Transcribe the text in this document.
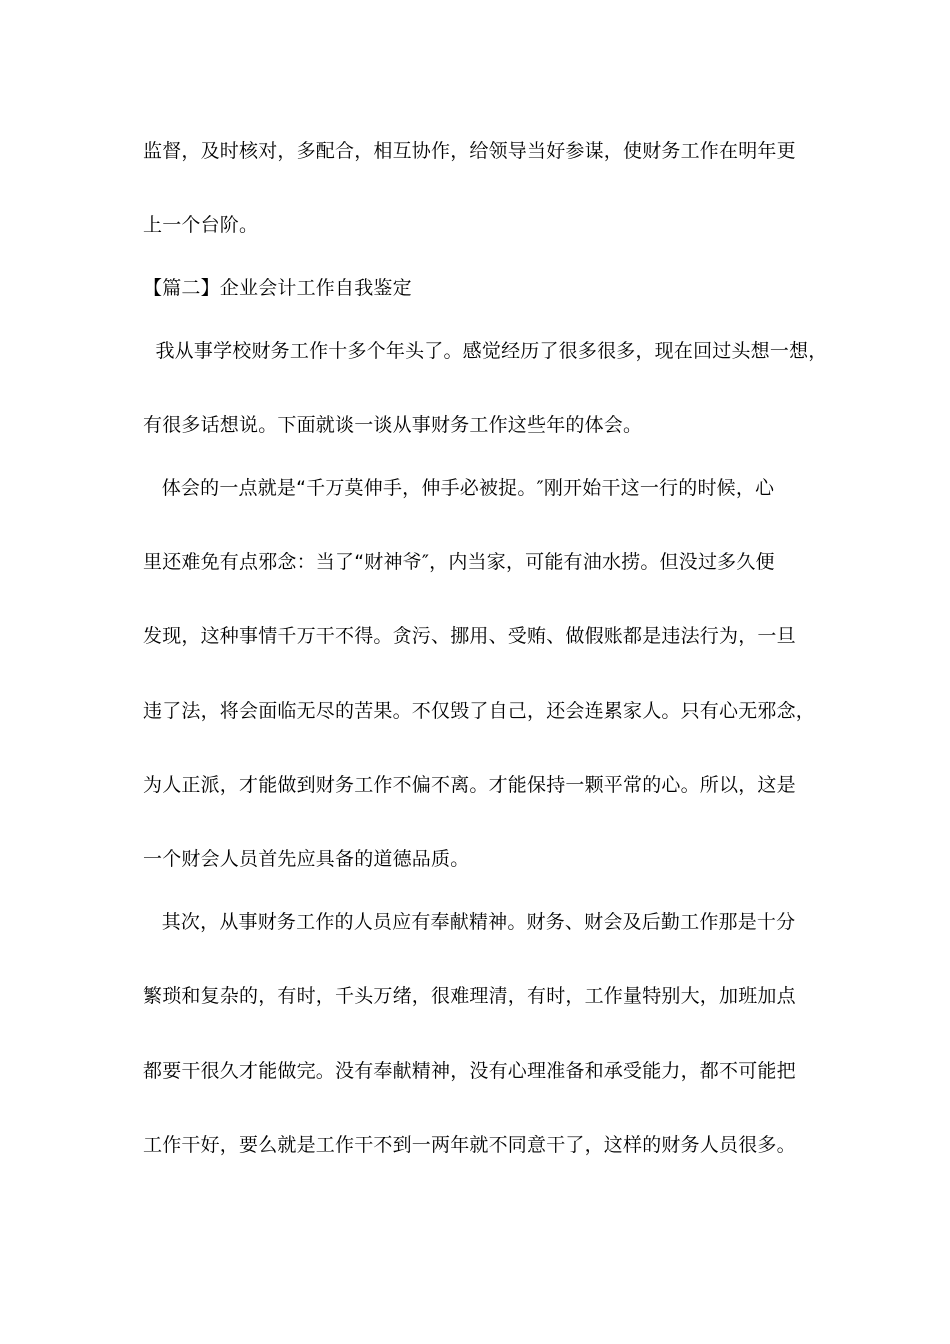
监督，及时核对，多配合，相互协作，给领导当好参谋，使财务工作在明年更
上一个台阶。
【篇二】企业会计工作自我鉴定
我从事学校财务工作十多个年头了。感觉经历了很多很多，现在回过头想一想，
有很多话想说。下面就谈一谈从事财务工作这些年的体会。
体会的一点就是“千万莫伸手，伸手必被捉。″刚开始干这一行的时候，心
里还难免有点邪念：当了“财神爷″，内当家，可能有油水捞。但没过多久便
发现，这种事情千万干不得。贪污、挪用、受贿、做假账都是违法行为，一旦
违了法，将会面临无尽的苦果。不仅毁了自己，还会连累家人。只有心无邪念，
为人正派，才能做到财务工作不偏不离。才能保持一颗平常的心。所以，这是
一个财会人员首先应具备的道德品质。
其次，从事财务工作的人员应有奉献精神。财务、财会及后勤工作那是十分
繁琐和复杂的，有时，千头万绪，很难理清，有时，工作量特别大，加班加点
都要干很久才能做完。没有奉献精神，没有心理准备和承受能力，都不可能把
工作干好，要么就是工作干不到一两年就不同意干了，这样的财务人员很多。
